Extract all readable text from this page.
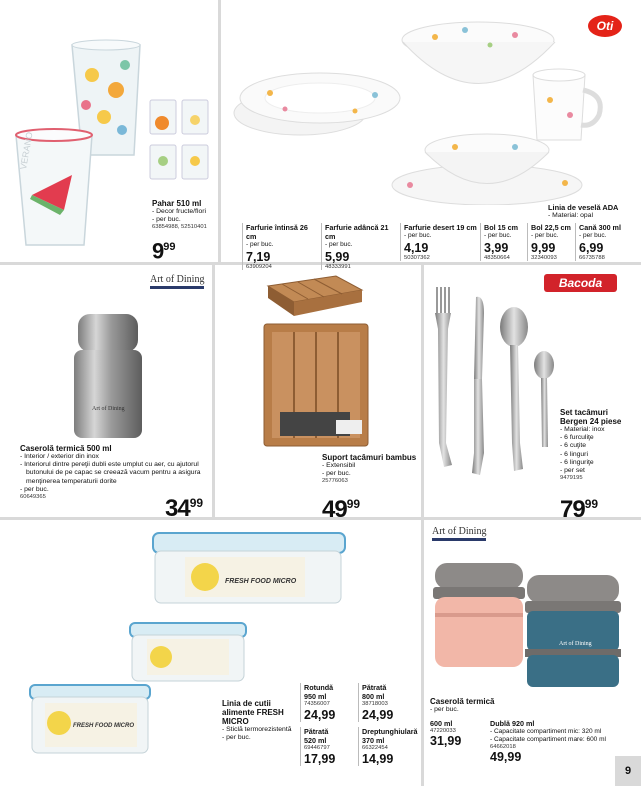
VERANO
Pahar 510 ml
- Decor fructe/flori
- per buc.
63854988, 52510401
$9^{99}$
Oti
Linia de veselă ADA
- Material: opal
Farfurie întinsă 26 cm
- per buc.
7,19
63909204
Farfurie adâncă 21 cm
- per buc.
5,99
48333991
Farfurie desert 19 cm
- per buc.
4,19
50307362
Bol 15 cm
- per buc.
3,99
48350664
Bol 22,5 cm
- per buc.
9,99
32340093
Cană 300 ml
- per buc.
6,99
66735788
Art of Dining
Art of Dining
Caserolă termică 500 ml
- Interior / exterior din inox
- Interiorul dintre pereţii dubli este umplut cu aer, cu ajutorul
butonului de pe capac se creează vacum pentru a asigura
menţinerea temperaturii dorite
- per buc.
60649365	$34^{99}$
Suport tacâmuri bambus
- Extensibil
- per buc.
25776063
$49^{99}$
Bacoda
Set tacâmuri
Bergen 24 piese
- Material: inox
- 6 furculiţe
- 6 cuţite
- 6 linguri
- 6 linguriţe
- per set
9479195
$79^{99}$
FRESH FOOD MICRO
FRESH FOOD MICRO
Linia de cutii
alimente FRESH
MICRO
- Sticlă termorezistentă
- per buc.
Rotundă
950 ml
74356007
24,99
Pătrată
800 ml
38718003
24,99
Pătrată
520 ml
69446797
17,99
Dreptunghiulară
370 ml
66322454
14,99
Art of Dining
Art of Dining
Caserolă termică
- per buc.
600 ml
47220033
31,99
Dublă 920 ml
- Capacitate compartiment mic: 320 ml
- Capacitate compartiment mare: 600 ml
64662018
49,99
9
